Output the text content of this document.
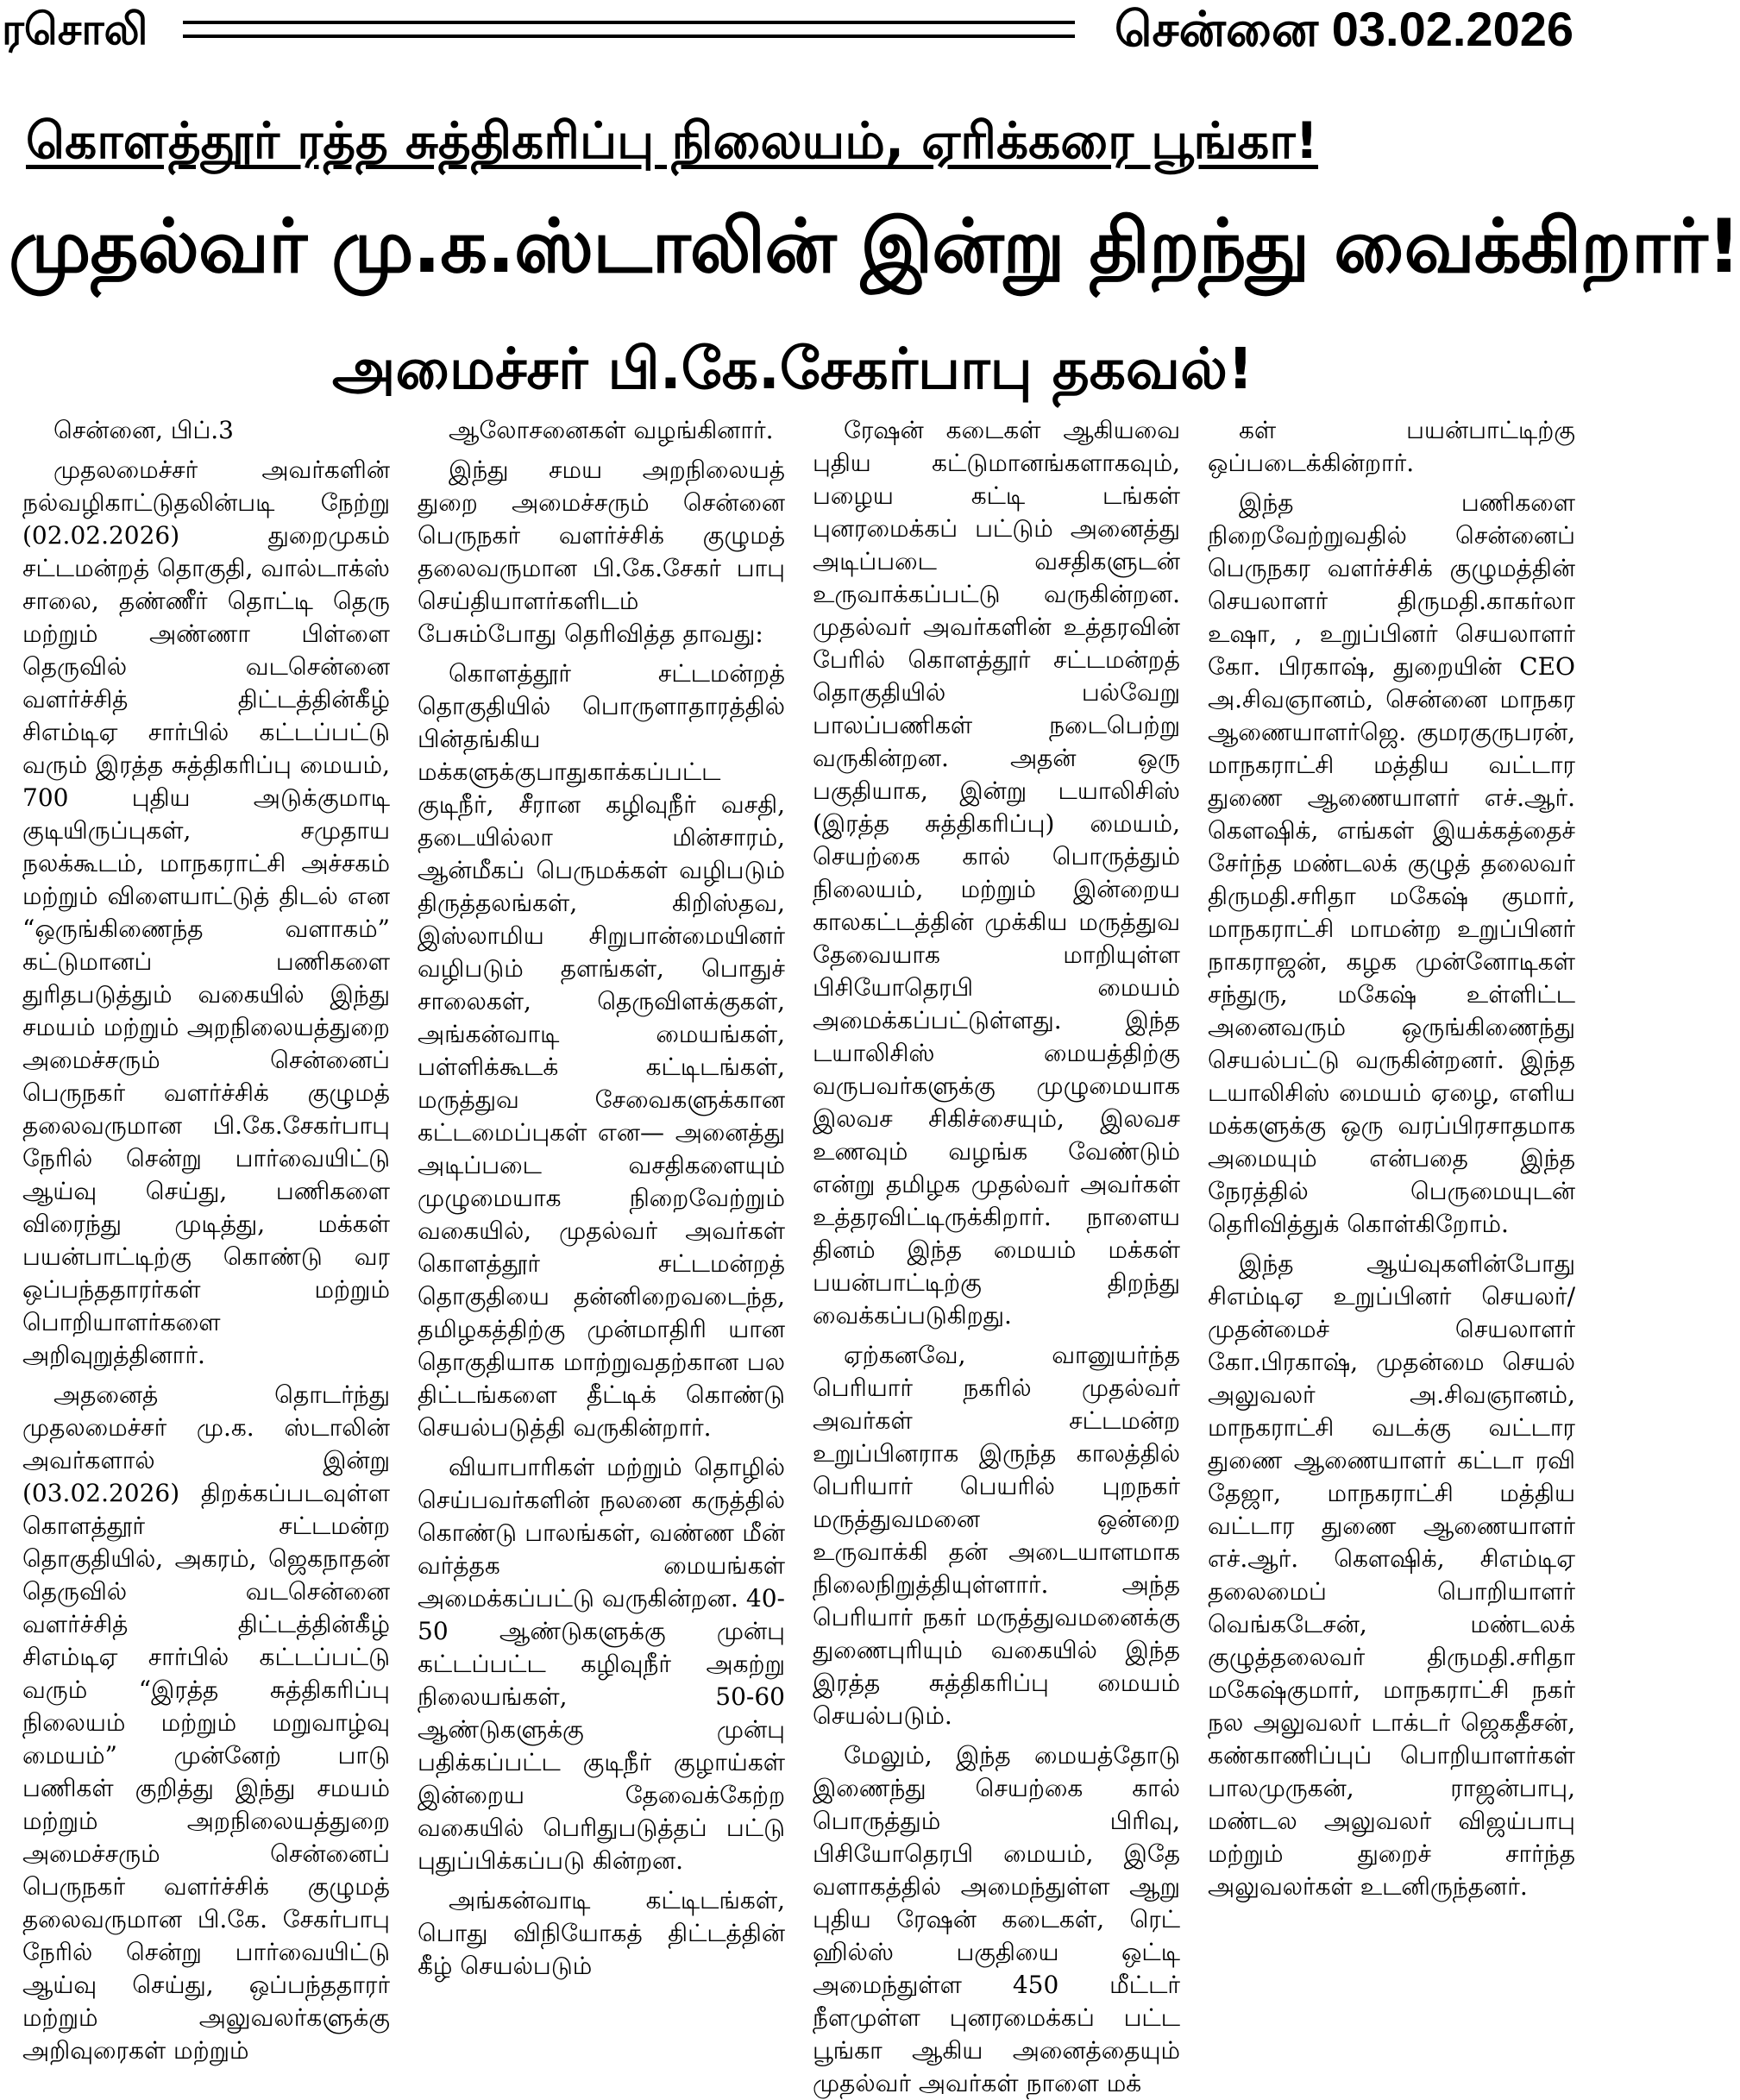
ரசொலி	சென்னை 03.02.2026
கொளத்தூர் ரத்த சுத்திகரிப்பு நிலையம், ஏரிக்கரை பூங்கா!
முதல்வர் மு.க.ஸ்டாலின் இன்று திறந்து வைக்கிறார்!
அமைச்சர் பி.கே.சேகர்பாபு தகவல்!

சென்னை, பிப்.3

முதலமைச்சர் அவர்களின் நல்வழிகாட்டுதலின்படி நேற்று (02.02.2026) துறைமுகம் சட்டமன்றத் தொகுதி, வால்டாக்ஸ் சாலை, தண்ணீர் தொட்டி தெரு மற்றும் அண்ணா பிள்ளை தெருவில் வடசென்னை வளர்ச்சித் திட்டத்தின்கீழ் சிஎம்டிஏ சார்பில் கட்டப்பட்டு வரும் இரத்த சுத்திகரிப்பு மையம், 700 புதிய அடுக்குமாடி குடியிருப்புகள், சமுதாய நலக்கூடம், மாநகராட்சி அச்சகம் மற்றும் விளையாட்டுத் திடல் என “ஒருங்கிணைந்த வளாகம்” கட்டுமானப் பணிகளை துரிதபடுத்தும் வகையில் இந்து சமயம் மற்றும் அறநிலையத்துறை அமைச்சரும் சென்னைப் பெருநகர் வளர்ச்சிக் குழுமத் தலைவருமான பி.கே.சேகர்பாபு நேரில் சென்று பார்வையிட்டு ஆய்வு செய்து, பணிகளை விரைந்து முடித்து, மக்கள் பயன்பாட்டிற்கு கொண்டு வர ஒப்பந்ததாரர்கள் மற்றும் பொறியாளர்களை அறிவுறுத்தினார்.

அதனைத் தொடர்ந்து முதலமைச்சர் மு.க. ஸ்டாலின் அவர்களால் இன்று (03.02.2026) திறக்கப்படவுள்ள கொளத்தூர் சட்டமன்ற தொகுதியில், அகரம், ஜெகநாதன் தெருவில் வடசென்னை வளர்ச்சித் திட்டத்தின்கீழ் சிஎம்டிஏ சார்பில் கட்டப்பட்டு வரும் “இரத்த சுத்திகரிப்பு நிலையம் மற்றும் மறுவாழ்வு மையம்” முன்னேற் பாடு பணிகள் குறித்து இந்து சமயம் மற்றும் அறநிலையத்துறை அமைச்சரும் சென்னைப் பெருநகர் வளர்ச்சிக் குழுமத் தலைவருமான பி.கே. சேகர்பாபு நேரில் சென்று பார்வையிட்டு ஆய்வு செய்து, ஒப்பந்ததாரர் மற்றும் அலுவலர்களுக்கு அறிவுரைகள் மற்றும்

ஆலோசனைகள் வழங்கினார்.

இந்து சமய அறநிலையத் துறை அமைச்சரும் சென்னை பெருநகர் வளர்ச்சிக் குழுமத் தலைவருமான பி.கே.சேகர் பாபு செய்தியாளர்களிடம் பேசும்போது தெரிவித்த தாவது:

கொளத்தூர் சட்டமன்றத் தொகுதியில் பொருளாதாரத்தில் பின்தங்கிய மக்களுக்குபாதுகாக்கப்பட்ட குடிநீர், சீரான கழிவுநீர் வசதி, தடையில்லா மின்சாரம், ஆன்மீகப் பெருமக்கள் வழிபடும் திருத்தலங்கள், கிறிஸ்தவ, இஸ்லாமிய சிறுபான்மையினர் வழிபடும் தளங்கள், பொதுச் சாலைகள், தெருவிளக்குகள், அங்கன்வாடி மையங்கள், பள்ளிக்கூடக் கட்டிடங்கள், மருத்துவ சேவைகளுக்கான கட்டமைப்புகள் என— அனைத்து அடிப்படை வசதிகளையும் முழுமையாக நிறைவேற்றும் வகையில், முதல்வர் அவர்கள் கொளத்தூர் சட்டமன்றத் தொகுதியை தன்னிறைவடைந்த, தமிழகத்திற்கு முன்மாதிரி யான தொகுதியாக மாற்றுவதற்கான பல திட்டங்களை தீட்டிக் கொண்டு செயல்படுத்தி வருகின்றார்.

வியாபாரிகள் மற்றும் தொழில் செய்பவர்களின் நலனை கருத்தில் கொண்டு பாலங்கள், வண்ண மீன் வர்த்தக மையங்கள் அமைக்கப்பட்டு வருகின்றன. 40-50 ஆண்டுகளுக்கு முன்பு கட்டப்பட்ட கழிவுநீர் அகற்று நிலையங்கள், 50-60 ஆண்டுகளுக்கு முன்பு பதிக்கப்பட்ட குடிநீர் குழாய்கள் இன்றைய தேவைக்கேற்ற வகையில் பெரிதுபடுத்தப் பட்டு புதுப்பிக்கப்படு கின்றன.

அங்கன்வாடி கட்டிடங்கள், பொது விநியோகத் திட்டத்தின் கீழ் செயல்படும்

ரேஷன் கடைகள் ஆகியவை புதிய கட்டுமானங்களாகவும், பழைய கட்டி டங்கள் புனரமைக்கப் பட்டும் அனைத்து அடிப்படை வசதிகளுடன் உருவாக்கப்பட்டு வருகின்றன. முதல்வர் அவர்களின் உத்தரவின் பேரில் கொளத்தூர் சட்டமன்றத் தொகுதியில் பல்வேறு பாலப்பணிகள் நடைபெற்று வருகின்றன. அதன் ஒரு பகுதியாக, இன்று டயாலிசிஸ் (இரத்த சுத்திகரிப்பு) மையம், செயற்கை கால் பொருத்தும் நிலையம், மற்றும் இன்றைய காலகட்டத்தின் முக்கிய மருத்துவ தேவையாக மாறியுள்ள பிசியோதெரபி மையம் அமைக்கப்பட்டுள்ளது. இந்த டயாலிசிஸ் மையத்திற்கு வருபவர்களுக்கு முழுமையாக இலவச சிகிச்சையும், இலவச உணவும் வழங்க வேண்டும் என்று தமிழக முதல்வர் அவர்கள் உத்தரவிட்டிருக்கிறார். நாளைய தினம் இந்த மையம் மக்கள் பயன்பாட்டிற்கு திறந்து வைக்கப்படுகிறது.

ஏற்கனவே, வானுயர்ந்த பெரியார் நகரில் முதல்வர் அவர்கள் சட்டமன்ற உறுப்பினராக இருந்த காலத்தில் பெரியார் பெயரில் புறநகர் மருத்துவமனை ஒன்றை உருவாக்கி தன் அடையாளமாக நிலைநிறுத்தியுள்ளார். அந்த பெரியார் நகர் மருத்துவமனைக்கு துணைபுரியும் வகையில் இந்த இரத்த சுத்திகரிப்பு மையம் செயல்படும்.

மேலும், இந்த மையத்தோடு இணைந்து செயற்கை கால் பொருத்தும் பிரிவு, பிசியோதெரபி மையம், இதே வளாகத்தில் அமைந்துள்ள ஆறு புதிய ரேஷன் கடைகள், ரெட் ஹில்ஸ் பகுதியை ஒட்டி அமைந்துள்ள 450 மீட்டர் நீளமுள்ள புனரமைக்கப் பட்ட பூங்கா ஆகிய அனைத்தையும் முதல்வர் அவர்கள் நாளை மக்

கள் பயன்பாட்டிற்கு ஒப்படைக்கின்றார்.

இந்த பணிகளை நிறைவேற்றுவதில் சென்னைப் பெருநகர வளர்ச்சிக் குழுமத்தின் செயலாளர் திருமதி.காகர்லா உஷா, , உறுப்பினர் செயலாளர் கோ. பிரகாஷ், துறையின் CEO அ.சிவஞானம், சென்னை மாநகர ஆணையாளர்ஜெ. குமரகுருபரன், மாநகராட்சி மத்திய வட்டார துணை ஆணையாளர் எச்.ஆர். கௌஷிக், எங்கள் இயக்கத்தைச் சேர்ந்த மண்டலக் குழுத் தலைவர் திருமதி.சரிதா மகேஷ் குமார், மாநகராட்சி மாமன்ற உறுப்பினர் நாகராஜன், கழக முன்னோடிகள் சந்துரு, மகேஷ் உள்ளிட்ட அனைவரும் ஒருங்கிணைந்து செயல்பட்டு வருகின்றனர். இந்த டயாலிசிஸ் மையம் ஏழை, எளிய மக்களுக்கு ஒரு வரப்பிரசாதமாக அமையும் என்பதை இந்த நேரத்தில் பெருமையுடன் தெரிவித்துக் கொள்கிறோம்.

இந்த ஆய்வுகளின்போது சிஎம்டிஏ உறுப்பினர் செயலர்/ முதன்மைச் செயலாளர் கோ.பிரகாஷ், முதன்மை செயல் அலுவலர் அ.சிவஞானம், மாநகராட்சி வடக்கு வட்டார துணை ஆணையாளர் கட்டா ரவி தேஜா, மாநகராட்சி மத்திய வட்டார துணை ஆணையாளர் எச்.ஆர். கௌஷிக், சிஎம்டிஏ தலைமைப் பொறியாளர் வெங்கடேசன், மண்டலக் குழுத்தலைவர் திருமதி.சரிதா மகேஷ்குமார், மாநகராட்சி நகர் நல அலுவலர் டாக்டர் ஜெகதீசன், கண்காணிப்புப் பொறியாளர்கள் பாலமுருகன், ராஜன்பாபு, மண்டல அலுவலர் விஜய்பாபு மற்றும் துறைச் சார்ந்த அலுவலர்கள் உடனிருந்தனர்.
